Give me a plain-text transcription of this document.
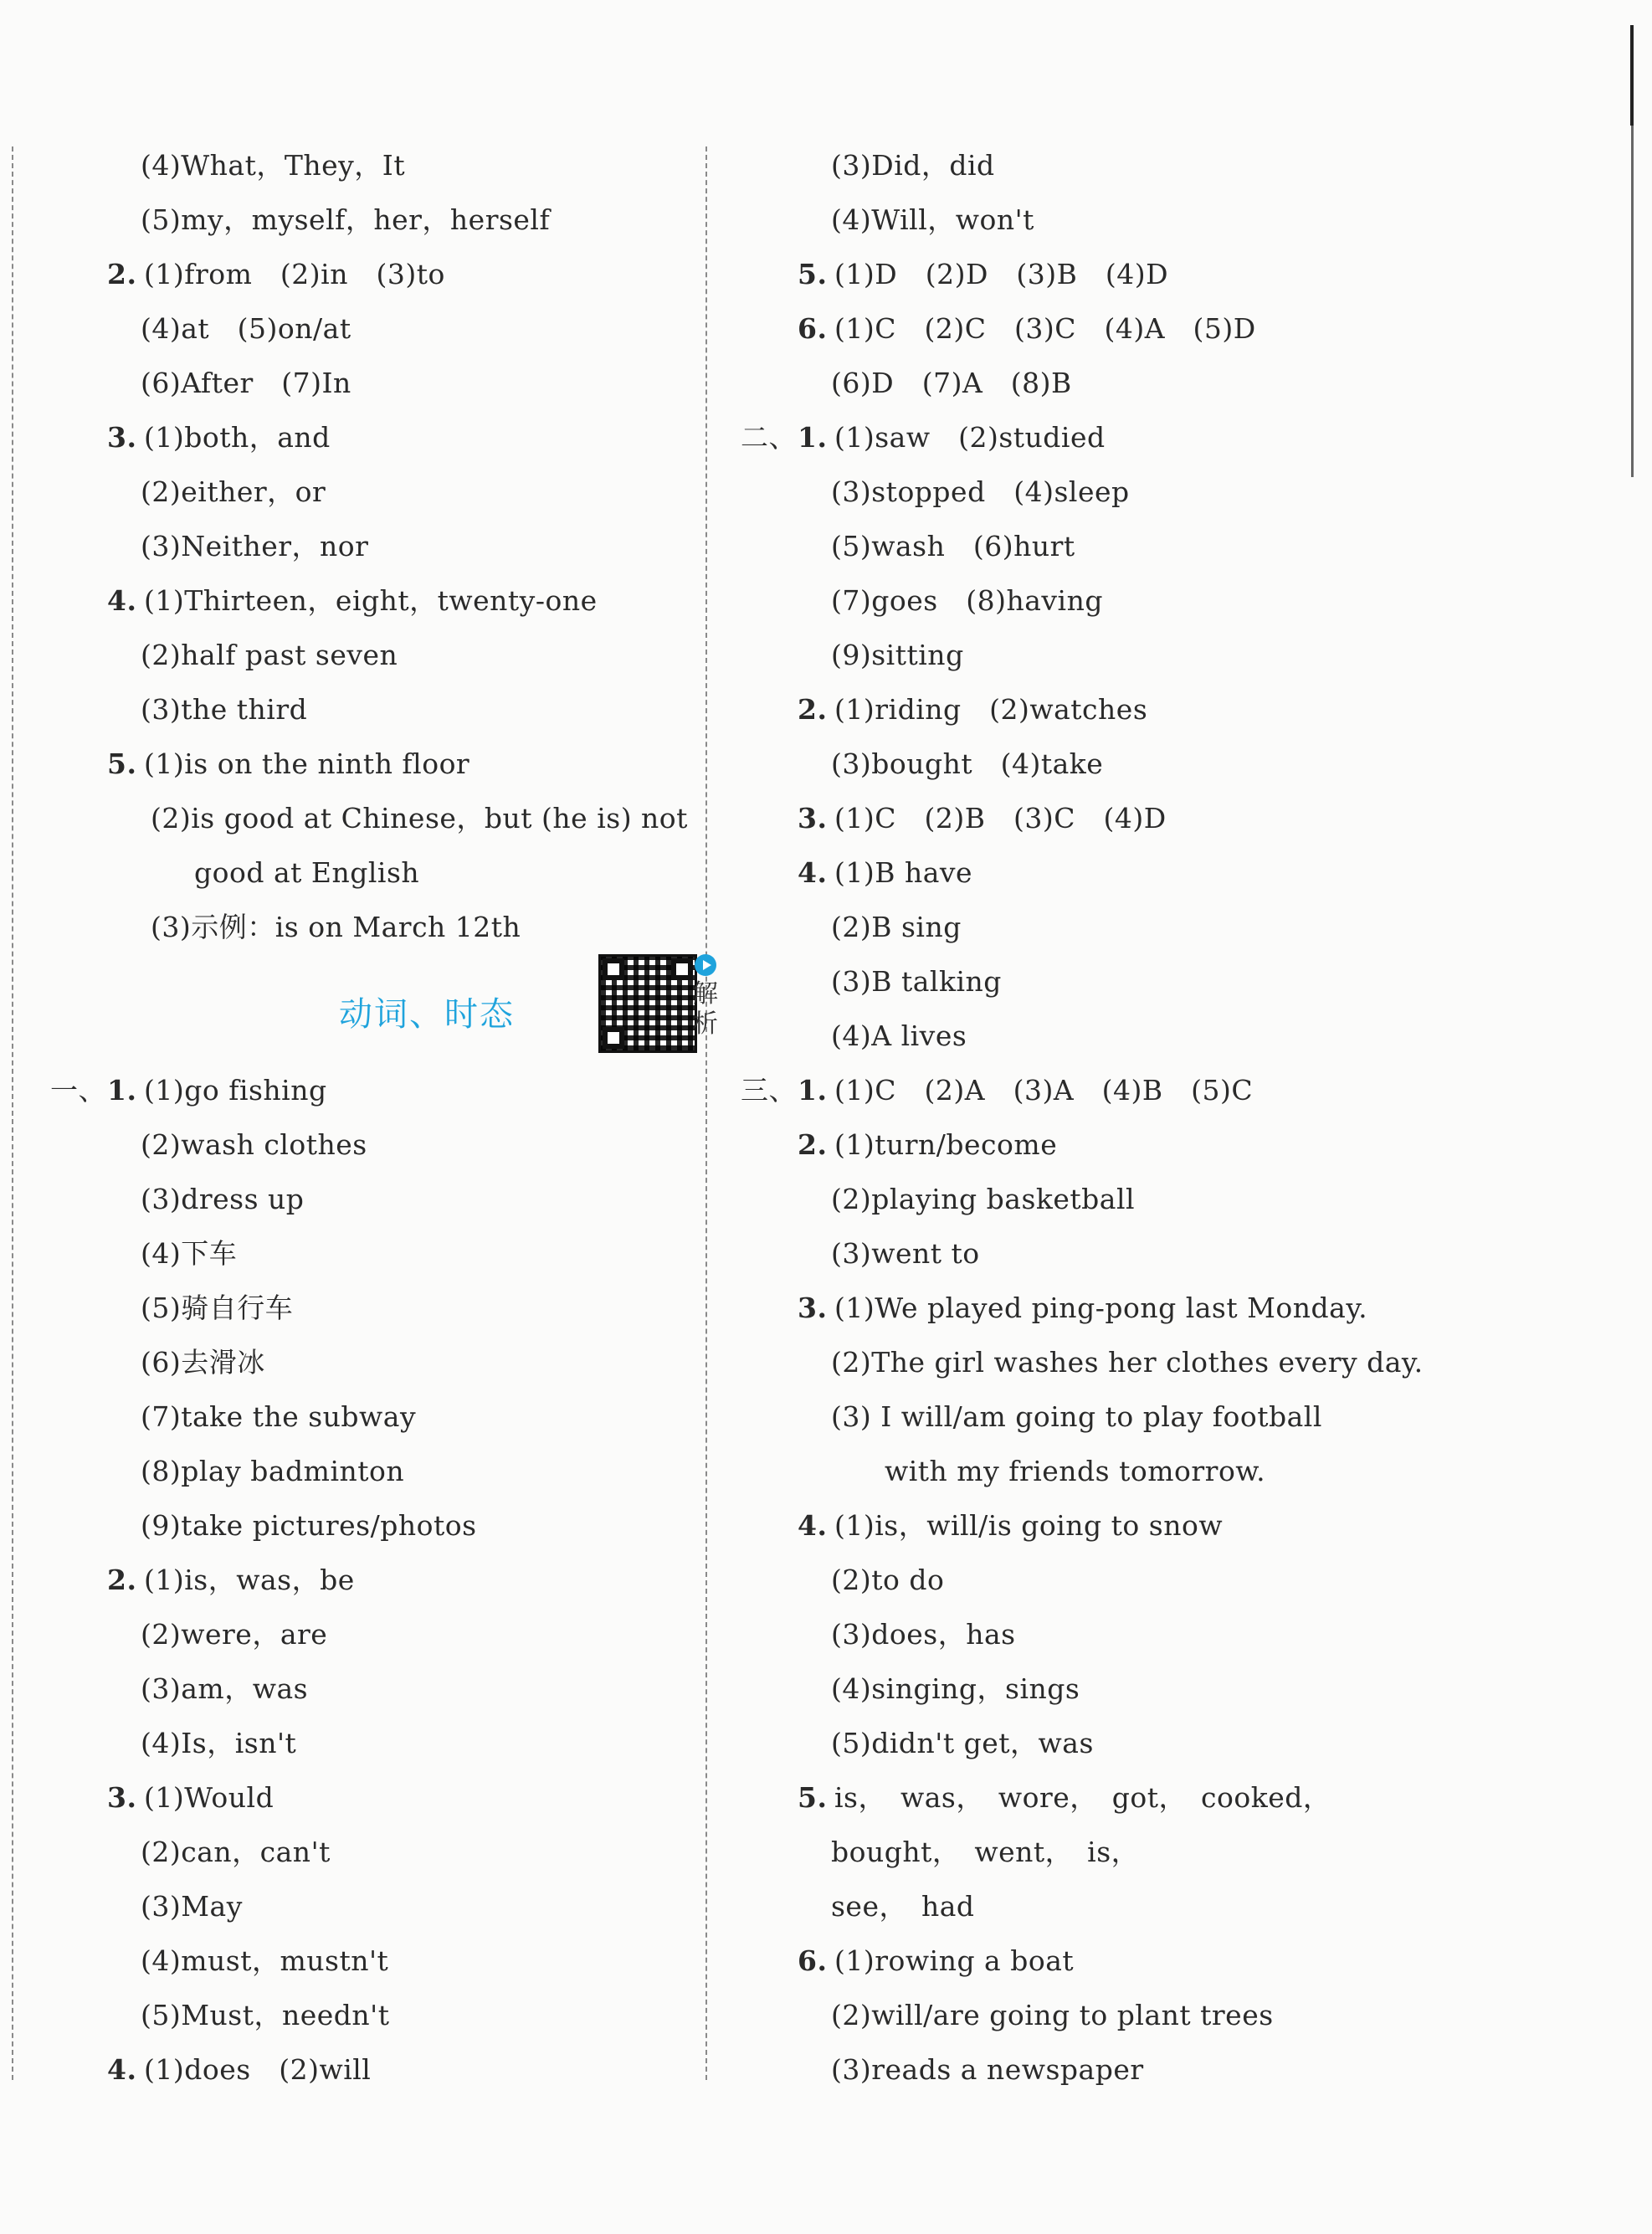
(4)What，They，It
(5)my，myself，her，herself
2. (1)from　(2)in　(3)to
(4)at　(5)on/at
(6)After　(7)In
3. (1)both，and
(2)either，or
(3)Neither，nor
4. (1)Thirteen，eight，twenty-one
(2)half past seven
(3)the third
5. (1)is on the ninth floor
(2)is good at Chinese，but (he is) not
good at English
(3)示例：is on March 12th
动词、时态
解析
一、1. (1)go fishing
(2)wash clothes
(3)dress up
(4)下车
(5)骑自行车
(6)去滑冰
(7)take the subway
(8)play badminton
(9)take pictures/photos
2. (1)is，was，be
(2)were，are
(3)am，was
(4)Is，isn't
3. (1)Would
(2)can，can't
(3)May
(4)must，mustn't
(5)Must，needn't
4. (1)does　(2)will
(3)Did，did
(4)Will，won't
5. (1)D　(2)D　(3)B　(4)D
6. (1)C　(2)C　(3)C　(4)A　(5)D
(6)D　(7)A　(8)B
二、1. (1)saw　(2)studied
(3)stopped　(4)sleep
(5)wash　(6)hurt
(7)goes　(8)having
(9)sitting
2. (1)riding　(2)watches
(3)bought　(4)take
3. (1)C　(2)B　(3)C　(4)D
4. (1)B have
(2)B sing
(3)B talking
(4)A lives
三、1. (1)C　(2)A　(3)A　(4)B　(5)C
2. (1)turn/become
(2)playing basketball
(3)went to
3. (1)We played ping-pong last Monday.
(2)The girl washes her clothes every day.
(3) I will/am going to play football
with my friends tomorrow.
4. (1)is，will/is going to snow
(2)to do
(3)does，has
(4)singing，sings
(5)didn't get，was
5. is，　was，　wore，　got，　cooked，
bought，　went，　is，
see，　had
6. (1)rowing a boat
(2)will/are going to plant trees
(3)reads a newspaper
